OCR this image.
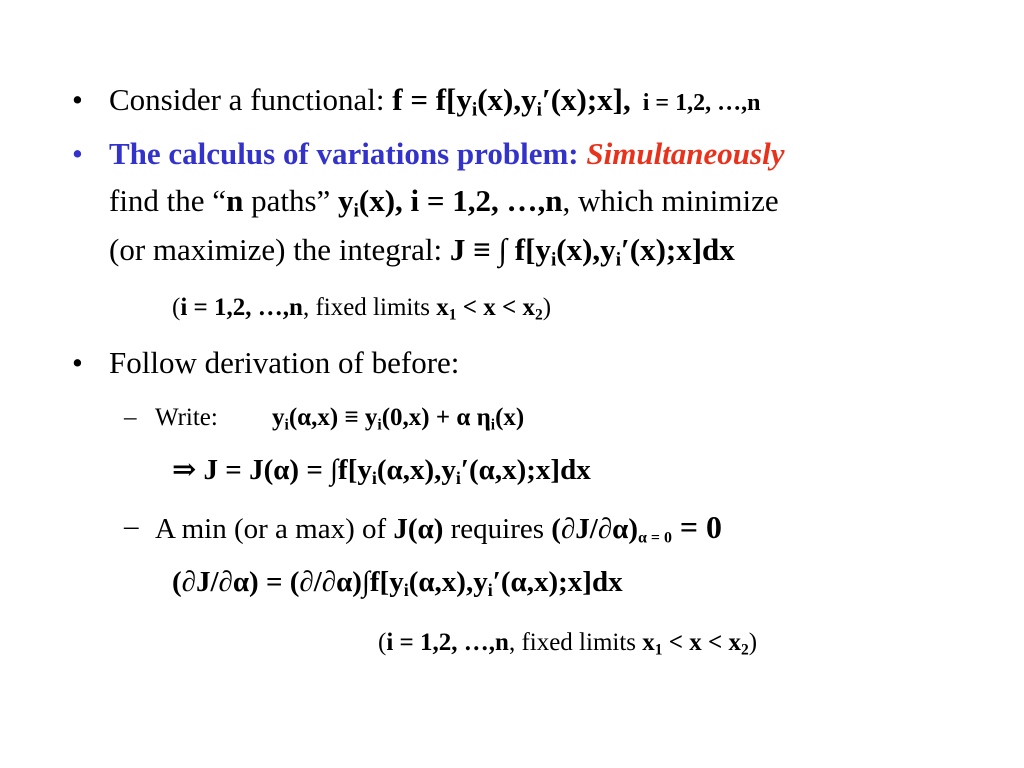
• Consider a functional: $f = f[y_i(x),y_i'(x);x]$, i = 1,2, …,n
• The calculus of variations problem: Simultaneously
find the “n paths” $y_i(x)$, i = 1,2, …,n, which minimize
(or maximize) the integral: J ≡ ∫ $f[y_i(x),y_i'(x);x]dx$
(i = 1,2, …,n, fixed limits $x_1 < x < x_2$)
• Follow derivation of before:
– Write: $y_i(\alpha,x) \equiv y_i(0,x) + \alpha$ $\eta_i(x)$
⇒ $J = J(\alpha) = \int f[y_i(\alpha,x),y_i'(\alpha,x);x]dx$
– A min (or a max) of J(α) requires $(\partial J/\partial\alpha)_{\alpha = 0} = 0$
$(\partial J/\partial\alpha) = (\partial/\partial\alpha)\int f[y_i(\alpha,x),y_i'(\alpha,x);x]dx$
(i = 1,2, …,n, fixed limits $x_1 < x < x_2$)
